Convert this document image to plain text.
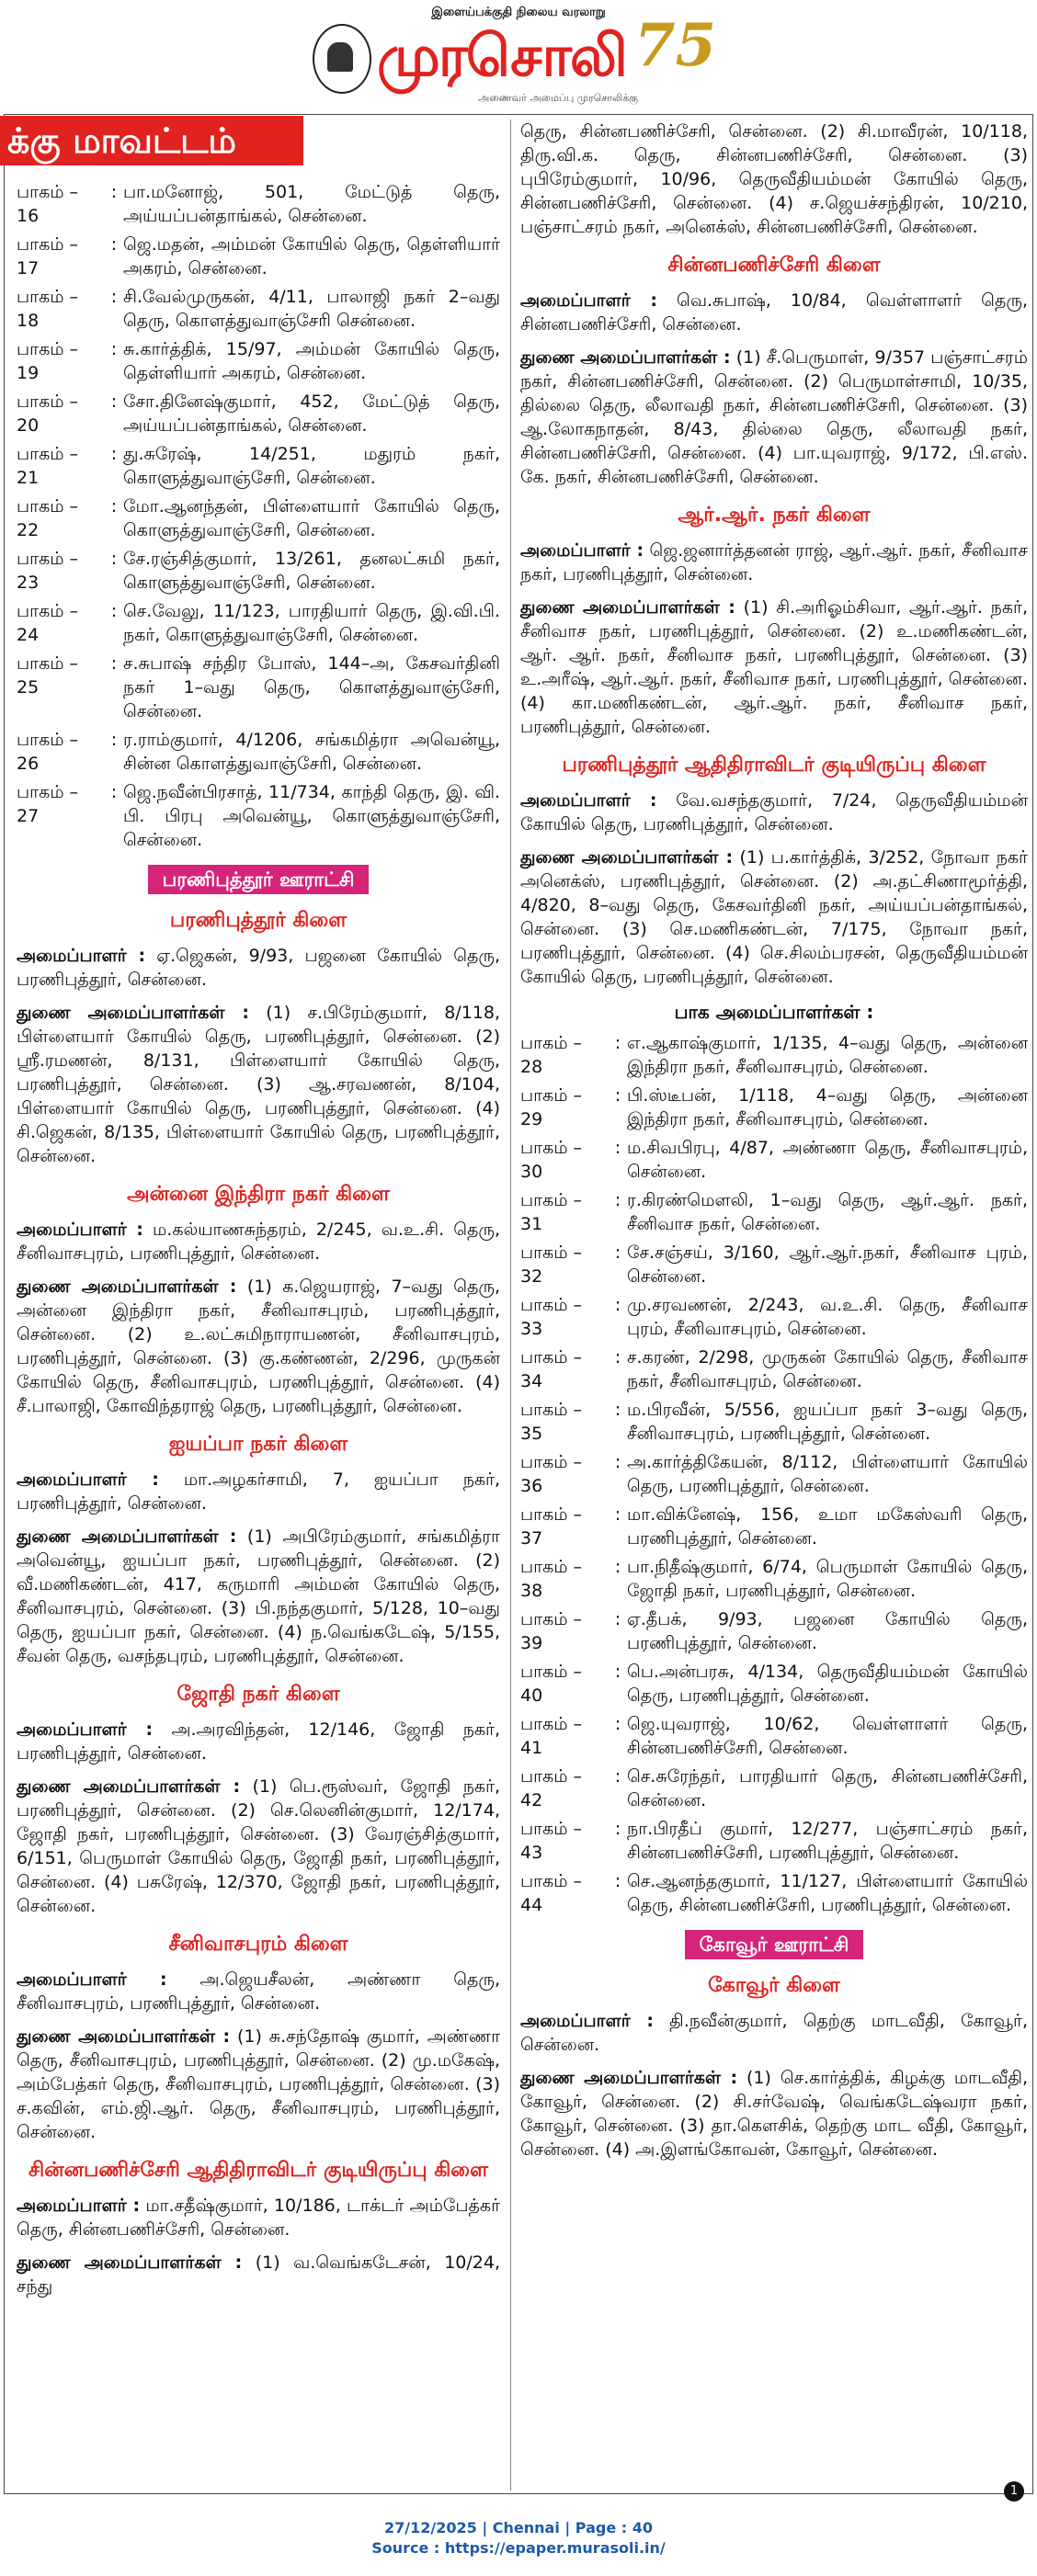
இளைய்பக்குதி நிலைய வரலாறு
முரசொலி 75
அணைவர் அமைப்பு முரசொலிக்கு
க்கு மாவட்டம்
பாகம் – 16
: பா.மனோஜ், 501, மேட்டுத் தெரு, அய்யப்பன்தாங்கல், சென்னை.
பாகம் – 17
: ஜெ.மதன், அம்மன் கோயில் தெரு, தெள்ளியார் அகரம், சென்னை.
பாகம் – 18
: சி.வேல்முருகன், 4/11, பாலாஜி நகர் 2–வது தெரு, கொளத்துவாஞ்சேரி சென்னை.
பாகம் – 19
: சு.கார்த்திக், 15/97, அம்மன் கோயில் தெரு, தெள்ளியார் அகரம், சென்னை.
பாகம் – 20
: சோ.தினேஷ்குமார், 452, மேட்டுத் தெரு, அய்யப்பன்தாங்கல், சென்னை.
பாகம் – 21
: து.சுரேஷ், 14/251, மதுரம் நகர், கொளுத்துவாஞ்சேரி, சென்னை.
பாகம் – 22
: மோ.ஆனந்தன், பிள்ளையார் கோயில் தெரு, கொளுத்துவாஞ்சேரி, சென்னை.
பாகம் – 23
: சே.ரஞ்சித்குமார், 13/261, தனலட்சுமி நகர், கொளுத்துவாஞ்சேரி, சென்னை.
பாகம் – 24
: செ.வேலு, 11/123, பாரதியார் தெரு, இ.வி.பி. நகர், கொளுத்துவாஞ்சேரி, சென்னை.
பாகம் – 25
: ச.சுபாஷ் சந்திர போஸ், 144–அ, கேசவர்தினி நகர் 1–வது தெரு, கொளத்துவாஞ்சேரி, சென்னை.
பாகம் – 26
: ர.ராம்குமார், 4/1206, சங்கமித்ரா அவென்யூ, சின்ன கொளத்துவாஞ்சேரி, சென்னை.
பாகம் – 27
: ஜெ.நவீன்பிரசாத், 11/734, காந்தி தெரு, இ. வி. பி. பிரபு அவென்யூ, கொளுத்துவாஞ்சேரி, சென்னை.
பரணிபுத்தூர் ஊராட்சி
பரணிபுத்தூர் கிளை
அமைப்பாளர் : ஏ.ஜெகன், 9/93, பஜனை கோயில் தெரு, பரணிபுத்தூர், சென்னை.
துணை அமைப்பாளர்கள் : (1) ச.பிரேம்குமார், 8/118, பிள்ளையார் கோயில் தெரு, பரணிபுத்தூர், சென்னை. (2) ஸ்ரீ.ரமணன், 8/131, பிள்ளையார் கோயில் தெரு, பரணிபுத்தூர், சென்னை. (3) ஆ.சரவணன், 8/104, பிள்ளையார் கோயில் தெரு, பரணிபுத்தூர், சென்னை. (4) சி.ஜெகன், 8/135, பிள்ளையார் கோயில் தெரு, பரணிபுத்தூர், சென்னை.
அன்னை இந்திரா நகர் கிளை
அமைப்பாளர் : ம.கல்யாணசுந்தரம், 2/245, வ.உ.சி. தெரு, சீனிவாசபுரம், பரணிபுத்தூர், சென்னை.
துணை அமைப்பாளர்கள் : (1) க.ஜெயராஜ், 7–வது தெரு, அன்னை இந்திரா நகர், சீனிவாசபுரம், பரணிபுத்தூர், சென்னை. (2) உ.லட்சுமிநாராயணன், சீனிவாசபுரம், பரணிபுத்தூர், சென்னை. (3) கு.கண்ணன், 2/296, முருகன் கோயில் தெரு, சீனிவாசபுரம், பரணிபுத்தூர், சென்னை. (4) சீ.பாலாஜி, கோவிந்தராஜ் தெரு, பரணிபுத்தூர், சென்னை.
ஐயப்பா நகர் கிளை
அமைப்பாளர் : மா.அழகர்சாமி, 7, ஐயப்பா நகர், பரணிபுத்தூர், சென்னை.
துணை அமைப்பாளர்கள் : (1) அபிரேம்குமார், சங்கமித்ரா அவென்யூ, ஐயப்பா நகர், பரணிபுத்தூர், சென்னை. (2) வீ.மணிகண்டன், 417, கருமாரி அம்மன் கோயில் தெரு, சீனிவாசபுரம், சென்னை. (3) பி.நந்தகுமார், 5/128, 10–வது தெரு, ஐயப்பா நகர், சென்னை. (4) ந.வெங்கடேஷ், 5/155, சீவன் தெரு, வசந்தபுரம், பரணிபுத்தூர், சென்னை.
ஜோதி நகர் கிளை
அமைப்பாளர் : அ.அரவிந்தன், 12/146, ஜோதி நகர், பரணிபுத்தூர், சென்னை.
துணை அமைப்பாளர்கள் : (1) பெ.ரூஸ்வர், ஜோதி நகர், பரணிபுத்தூர், சென்னை. (2) செ.லெனின்குமார், 12/174, ஜோதி நகர், பரணிபுத்தூர், சென்னை. (3) வேரஞ்சித்குமார், 6/151, பெருமாள் கோயில் தெரு, ஜோதி நகர், பரணிபுத்தூர், சென்னை. (4) பசுரேஷ், 12/370, ஜோதி நகர், பரணிபுத்தூர், சென்னை.
சீனிவாசபுரம் கிளை
அமைப்பாளர் : அ.ஜெயசீலன், அண்ணா தெரு, சீனிவாசபுரம், பரணிபுத்தூர், சென்னை.
துணை அமைப்பாளர்கள் : (1) சு.சந்தோஷ் குமார், அண்ணா தெரு, சீனிவாசபுரம், பரணிபுத்தூர், சென்னை. (2) மு.மகேஷ், அம்பேத்கர் தெரு, சீனிவாசபுரம், பரணிபுத்தூர், சென்னை. (3) ச.கவின், எம்.ஜி.ஆர். தெரு, சீனிவாசபுரம், பரணிபுத்தூர், சென்னை.
சின்னபணிச்சேரி ஆதிதிராவிடர் குடியிருப்பு கிளை
அமைப்பாளர் : மா.சதீஷ்குமார், 10/186, டாக்டர் அம்பேத்கர் தெரு, சின்னபணிச்சேரி, சென்னை.
துணை அமைப்பாளர்கள் : (1) வ.வெங்கடேசன், 10/24, சந்து
தெரு, சின்னபணிச்சேரி, சென்னை. (2) சி.மாவீரன், 10/118, திரு.வி.க. தெரு, சின்னபணிச்சேரி, சென்னை. (3) புபிரேம்குமார், 10/96, தெருவீதியம்மன் கோயில் தெரு, சின்னபணிச்சேரி, சென்னை. (4) ச.ஜெயச்சந்திரன், 10/210, பஞ்சாட்சரம் நகர், அனெக்ஸ், சின்னபணிச்சேரி, சென்னை.
சின்னபணிச்சேரி கிளை
அமைப்பாளர் : வெ.சுபாஷ், 10/84, வெள்ளாளர் தெரு, சின்னபணிச்சேரி, சென்னை.
துணை அமைப்பாளர்கள் : (1) சீ.பெருமாள், 9/357 பஞ்சாட்சரம் நகர், சின்னபணிச்சேரி, சென்னை. (2) பெருமாள்சாமி, 10/35, தில்லை தெரு, லீலாவதி நகர், சின்னபணிச்சேரி, சென்னை. (3) ஆ.லோகநாதன், 8/43, தில்லை தெரு, லீலாவதி நகர், சின்னபணிச்சேரி, சென்னை. (4) பா.யுவராஜ், 9/172, பி.எஸ். கே. நகர், சின்னபணிச்சேரி, சென்னை.
ஆர்.ஆர். நகர் கிளை
அமைப்பாளர் : ஜெ.ஜனார்த்தனன் ராஜ், ஆர்.ஆர். நகர், சீனிவாச நகர், பரணிபுத்தூர், சென்னை.
துணை அமைப்பாளர்கள் : (1) சி.அரிஓம்சிவா, ஆர்.ஆர். நகர், சீனிவாச நகர், பரணிபுத்தூர், சென்னை. (2) உ.மணிகண்டன், ஆர். ஆர். நகர், சீனிவாச நகர், பரணிபுத்தூர், சென்னை. (3) உ.அரீஷ், ஆர்.ஆர். நகர், சீனிவாச நகர், பரணிபுத்தூர், சென்னை. (4) கா.மணிகண்டன், ஆர்.ஆர். நகர், சீனிவாச நகர், பரணிபுத்தூர், சென்னை.
பரணிபுத்தூர் ஆதிதிராவிடர் குடியிருப்பு கிளை
அமைப்பாளர் : வே.வசந்தகுமார், 7/24, தெருவீதியம்மன் கோயில் தெரு, பரணிபுத்தூர், சென்னை.
துணை அமைப்பாளர்கள் : (1) ப.கார்த்திக், 3/252, நோவா நகர் அனெக்ஸ், பரணிபுத்தூர், சென்னை. (2) அ.தட்சிணாமூர்த்தி, 4/820, 8–வது தெரு, கேசவர்தினி நகர், அய்யப்பன்தாங்கல், சென்னை. (3) செ.மணிகண்டன், 7/175, நோவா நகர், பரணிபுத்தூர், சென்னை. (4) செ.சிலம்பரசன், தெருவீதியம்மன் கோயில் தெரு, பரணிபுத்தூர், சென்னை.
பாக அமைப்பாளர்கள் :
பாகம் – 28
: எ.ஆகாஷ்குமார், 1/135, 4–வது தெரு, அன்னை இந்திரா நகர், சீனிவாசபுரம், சென்னை.
பாகம் – 29
: பி.ஸ்டீபன், 1/118, 4–வது தெரு, அன்னை இந்திரா நகர், சீனிவாசபுரம், சென்னை.
பாகம் – 30
: ம.சிவபிரபு, 4/87, அண்ணா தெரு, சீனிவாசபுரம், சென்னை.
பாகம் – 31
: ர.கிரண்மௌலி, 1–வது தெரு, ஆர்.ஆர். நகர், சீனிவாச நகர், சென்னை.
பாகம் – 32
: சே.சஞ்சய், 3/160, ஆர்.ஆர்.நகர், சீனிவாச புரம், சென்னை.
பாகம் – 33
: மு.சரவணன், 2/243, வ.உ.சி. தெரு, சீனிவாச புரம், சீனிவாசபுரம், சென்னை.
பாகம் – 34
: ச.கரண், 2/298, முருகன் கோயில் தெரு, சீனிவாச நகர், சீனிவாசபுரம், சென்னை.
பாகம் – 35
: ம.பிரவீன், 5/556, ஐயப்பா நகர் 3–வது தெரு, சீனிவாசபுரம், பரணிபுத்தூர், சென்னை.
பாகம் – 36
: அ.கார்த்திகேயன், 8/112, பிள்ளையார் கோயில் தெரு, பரணிபுத்தூர், சென்னை.
பாகம் – 37
: மா.விக்னேஷ், 156, உமா மகேஸ்வரி தெரு, பரணிபுத்தூர், சென்னை.
பாகம் – 38
: பா.நிதீஷ்குமார், 6/74, பெருமாள் கோயில் தெரு, ஜோதி நகர், பரணிபுத்தூர், சென்னை.
பாகம் – 39
: ஏ.தீபக், 9/93, பஜனை கோயில் தெரு, பரணிபுத்தூர், சென்னை.
பாகம் – 40
: பெ.அன்பரசு, 4/134, தெருவீதியம்மன் கோயில் தெரு, பரணிபுத்தூர், சென்னை.
பாகம் – 41
: ஜெ.யுவராஜ், 10/62, வெள்ளாளர் தெரு, சின்னபணிச்சேரி, சென்னை.
பாகம் – 42
: செ.சுரேந்தர், பாரதியார் தெரு, சின்னபணிச்சேரி, சென்னை.
பாகம் – 43
: நா.பிரதீப் குமார், 12/277, பஞ்சாட்சரம் நகர், சின்னபணிச்சேரி, பரணிபுத்தூர், சென்னை.
பாகம் – 44
: செ.ஆனந்தகுமார், 11/127, பிள்ளையார் கோயில் தெரு, சின்னபணிச்சேரி, பரணிபுத்தூர், சென்னை.
கோவூர் ஊராட்சி
கோவூர் கிளை
அமைப்பாளர் : தி.நவீன்குமார், தெற்கு மாடவீதி, கோவூர், சென்னை.
துணை அமைப்பாளர்கள் : (1) செ.கார்த்திக், கிழக்கு மாடவீதி, கோவூர், சென்னை. (2) சி.சர்வேஷ், வெங்கடேஷ்வரா நகர், கோவூர், சென்னை. (3) தா.கௌசிக், தெற்கு மாட வீதி, கோவூர், சென்னை. (4) அ.இளங்கோவன், கோவூர், சென்னை.
1
27/12/2025 | Chennai | Page : 40
Source : https://epaper.murasoli.in/
